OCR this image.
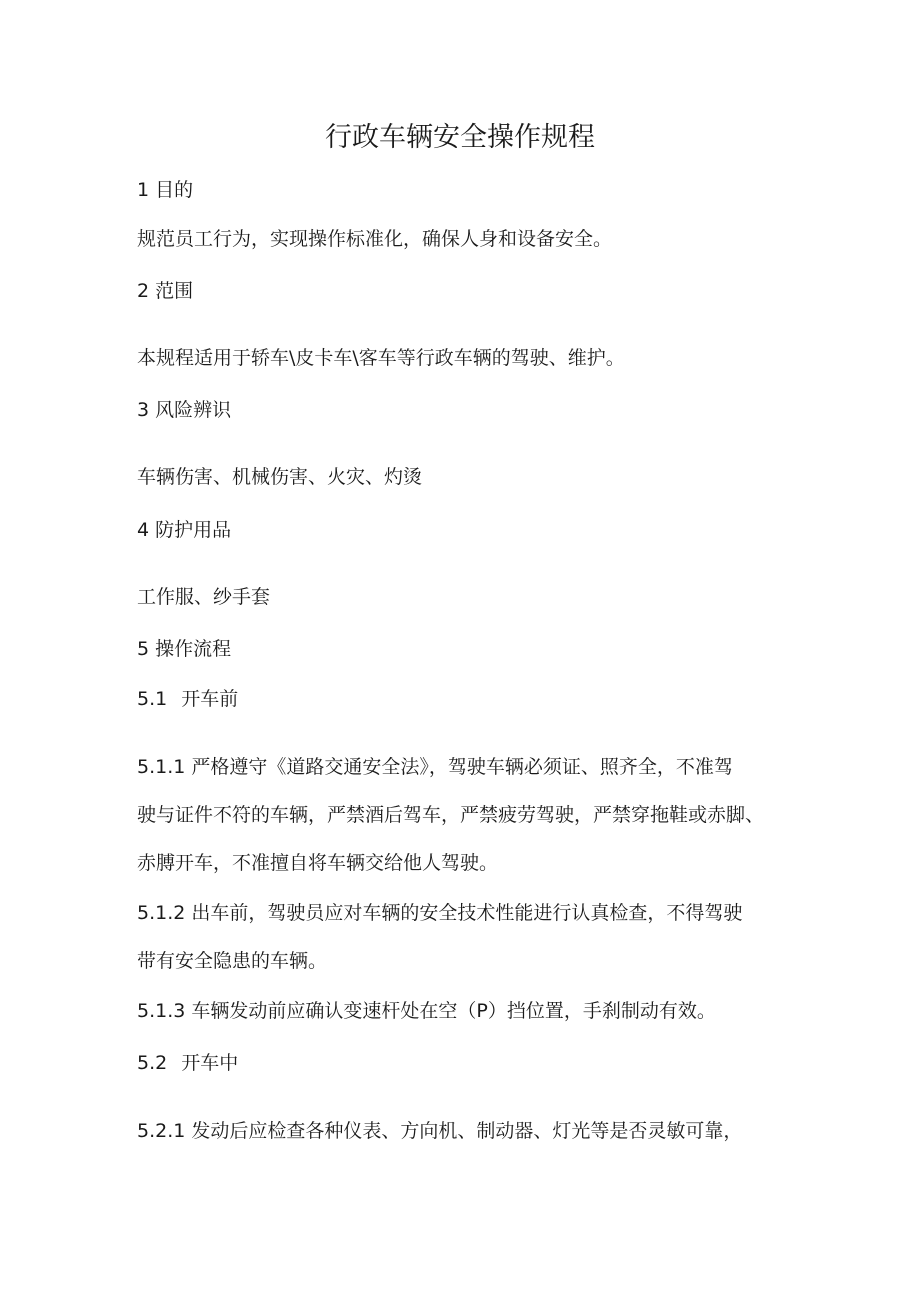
行政车辆安全操作规程
1 目的
规范员工行为，实现操作标准化，确保人身和设备安全。
2 范围
本规程适用于轿车\皮卡车\客车等行政车辆的驾驶、维护。
3 风险辨识
车辆伤害、机械伤害、火灾、灼烫
4 防护用品
工作服、纱手套
5 操作流程
5.1 开车前
5.1.1 严格遵守《道路交通安全法》，驾驶车辆必须证、照齐全，不准驾
驶与证件不符的车辆，严禁酒后驾车，严禁疲劳驾驶，严禁穿拖鞋或赤脚、
赤膊开车，不准擅自将车辆交给他人驾驶。
5.1.2 出车前，驾驶员应对车辆的安全技术性能进行认真检查，不得驾驶
带有安全隐患的车辆。
5.1.3 车辆发动前应确认变速杆处在空（P）挡位置，手刹制动有效。
5.2 开车中
5.2.1 发动后应检查各种仪表、方向机、制动器、灯光等是否灵敏可靠，
